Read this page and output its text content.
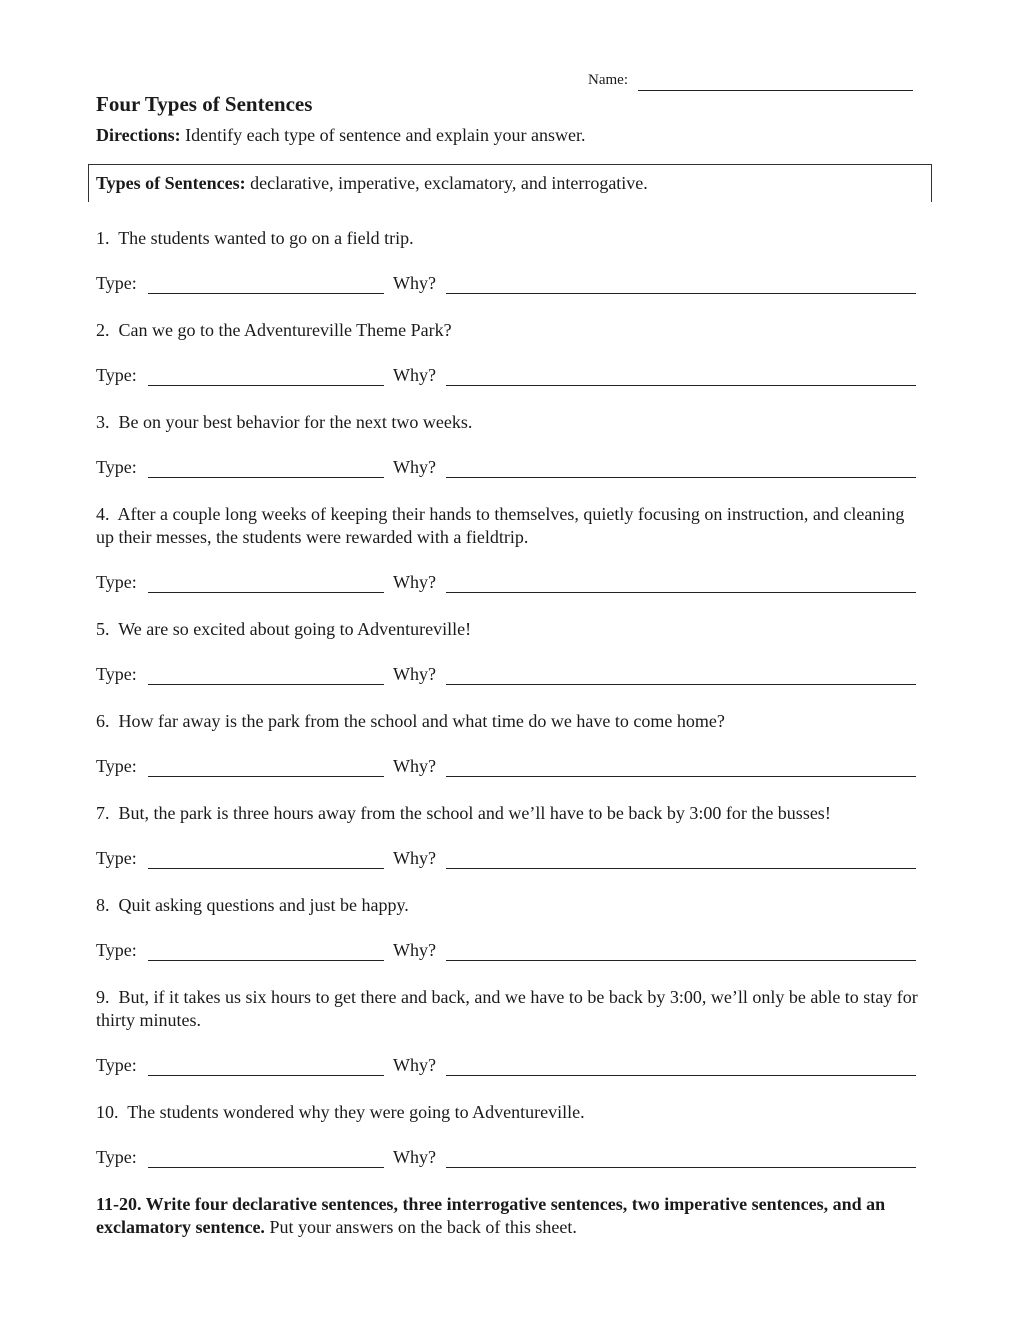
Name:
Four Types of Sentences
Directions: Identify each type of sentence and explain your answer.
Types of Sentences: declarative, imperative, exclamatory, and interrogative.
1. The students wanted to go on a field trip.
Type:	Why?
2. Can we go to the Adventureville Theme Park?
Type:	Why?
3. Be on your best behavior for the next two weeks.
Type:	Why?
4. After a couple long weeks of keeping their hands to themselves, quietly focusing on instruction, and cleaning up their messes, the students were rewarded with a fieldtrip.
Type:	Why?
5. We are so excited about going to Adventureville!
Type:	Why?
6. How far away is the park from the school and what time do we have to come home?
Type:	Why?
7. But, the park is three hours away from the school and we’ll have to be back by 3:00 for the busses!
Type:	Why?
8. Quit asking questions and just be happy.
Type:	Why?
9. But, if it takes us six hours to get there and back, and we have to be back by 3:00, we’ll only be able to stay for thirty minutes.
Type:	Why?
10. The students wondered why they were going to Adventureville.
Type:	Why?
11-20. Write four declarative sentences, three interrogative sentences, two imperative sentences, and an exclamatory sentence. Put your answers on the back of this sheet.
